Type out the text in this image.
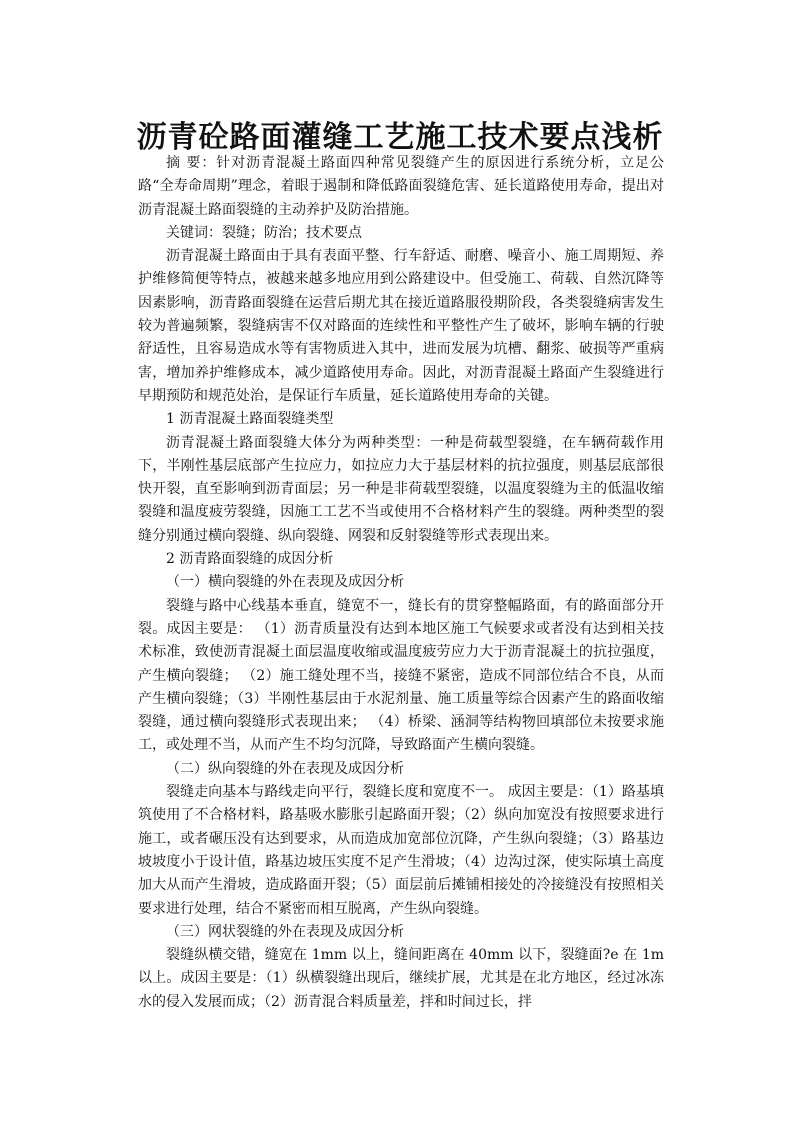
沥青砼路面灌缝工艺施工技术要点浅析

摘 要：针对沥青混凝土路面四种常见裂缝产生的原因进行系统分析，立足公路“全寿命周期”理念，着眼于遏制和降低路面裂缝危害、延长道路使用寿命，提出对沥青混凝土路面裂缝的主动养护及防治措施。

关键词：裂缝；防治；技术要点

沥青混凝土路面由于具有表面平整、行车舒适、耐磨、噪音小、施工周期短、养护维修简便等特点，被越来越多地应用到公路建设中。但受施工、荷载、自然沉降等因素影响，沥青路面裂缝在运营后期尤其在接近道路服役期阶段，各类裂缝病害发生较为普遍频繁，裂缝病害不仅对路面的连续性和平整性产生了破坏，影响车辆的行驶舒适性，且容易造成水等有害物质进入其中，进而发展为坑槽、翻浆、破损等严重病害，增加养护维修成本，减少道路使用寿命。因此，对沥青混凝土路面产生裂缝进行早期预防和规范处治，是保证行车质量，延长道路使用寿命的关键。

1 沥青混凝土路面裂缝类型

沥青混凝土路面裂缝大体分为两种类型：一种是荷载型裂缝，在车辆荷载作用下，半刚性基层底部产生拉应力，如拉应力大于基层材料的抗拉强度，则基层底部很快开裂，直至影响到沥青面层；另一种是非荷载型裂缝，以温度裂缝为主的低温收缩裂缝和温度疲劳裂缝，因施工工艺不当或使用不合格材料产生的裂缝。两种类型的裂缝分别通过横向裂缝、纵向裂缝、网裂和反射裂缝等形式表现出来。

2 沥青路面裂缝的成因分析

（一）横向裂缝的外在表现及成因分析

裂缝与路中心线基本垂直，缝宽不一，缝长有的贯穿整幅路面，有的路面部分开裂。成因主要是： （1）沥青质量没有达到本地区施工气候要求或者没有达到相关技术标准，致使沥青混凝土面层温度收缩或温度疲劳应力大于沥青混凝土的抗拉强度，产生横向裂缝； （2）施工缝处理不当，接缝不紧密，造成不同部位结合不良，从而产生横向裂缝；（3）半刚性基层由于水泥剂量、施工质量等综合因素产生的路面收缩裂缝，通过横向裂缝形式表现出来； （4）桥梁、涵洞等结构物回填部位未按要求施工，或处理不当，从而产生不均匀沉降，导致路面产生横向裂缝。

（二）纵向裂缝的外在表现及成因分析

裂缝走向基本与路线走向平行，裂缝长度和宽度不一。 成因主要是：（1）路基填筑使用了不合格材料，路基吸水膨胀引起路面开裂；（2）纵向加宽没有按照要求进行施工，或者碾压没有达到要求，从而造成加宽部位沉降，产生纵向裂缝；（3）路基边坡坡度小于设计值，路基边坡压实度不足产生滑坡；（4）边沟过深，使实际填土高度加大从而产生滑坡，造成路面开裂；（5）面层前后摊铺相接处的冷接缝没有按照相关要求进行处理，结合不紧密而相互脱离，产生纵向裂缝。

（三）网状裂缝的外在表现及成因分析

裂缝纵横交错，缝宽在 1mm 以上，缝间距离在 40mm 以下，裂缝面?e 在 1m 以上。成因主要是：（1）纵横裂缝出现后，继续扩展，尤其是在北方地区，经过冰冻水的侵入发展而成；（2）沥青混合料质量差，拌和时间过长，拌
